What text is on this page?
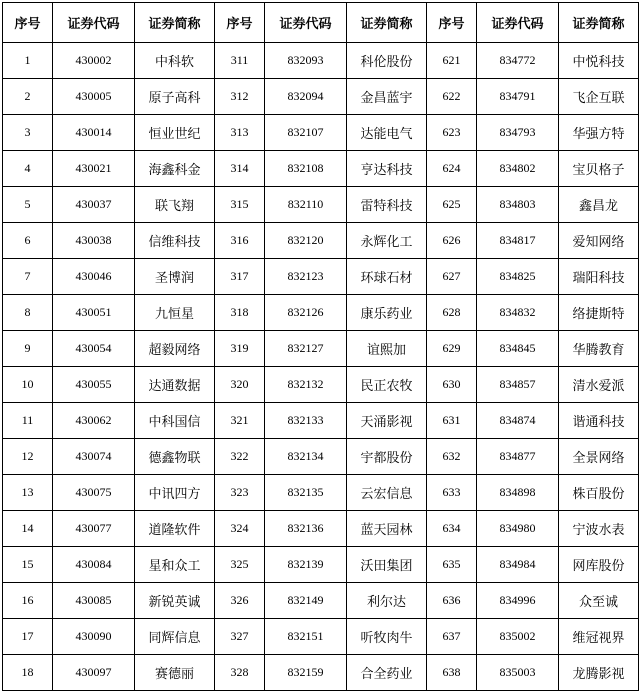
序号	证券代码	证券简称	序号	证券代码	证券简称	序号	证券代码	证券简称
1	430002	中科软	311	832093	科伦股份	621	834772	中悦科技
2	430005	原子高科	312	832094	金昌蓝宇	622	834791	飞企互联
3	430014	恒业世纪	313	832107	达能电气	623	834793	华强方特
4	430021	海鑫科金	314	832108	亨达科技	624	834802	宝贝格子
5	430037	联飞翔	315	832110	雷特科技	625	834803	鑫昌龙
6	430038	信维科技	316	832120	永辉化工	626	834817	爱知网络
7	430046	圣博润	317	832123	环球石材	627	834825	瑞阳科技
8	430051	九恒星	318	832126	康乐药业	628	834832	络捷斯特
9	430054	超毅网络	319	832127	谊熙加	629	834845	华腾教育
10	430055	达通数据	320	832132	民正农牧	630	834857	清水爱派
11	430062	中科国信	321	832133	天涌影视	631	834874	谐通科技
12	430074	德鑫物联	322	832134	宇都股份	632	834877	全景网络
13	430075	中讯四方	323	832135	云宏信息	633	834898	株百股份
14	430077	道隆软件	324	832136	蓝天园林	634	834980	宁波水表
15	430084	星和众工	325	832139	沃田集团	635	834984	网库股份
16	430085	新锐英诚	326	832149	利尔达	636	834996	众至诚
17	430090	同辉信息	327	832151	听牧肉牛	637	835002	维冠视界
18	430097	赛德丽	328	832159	合全药业	638	835003	龙腾影视
